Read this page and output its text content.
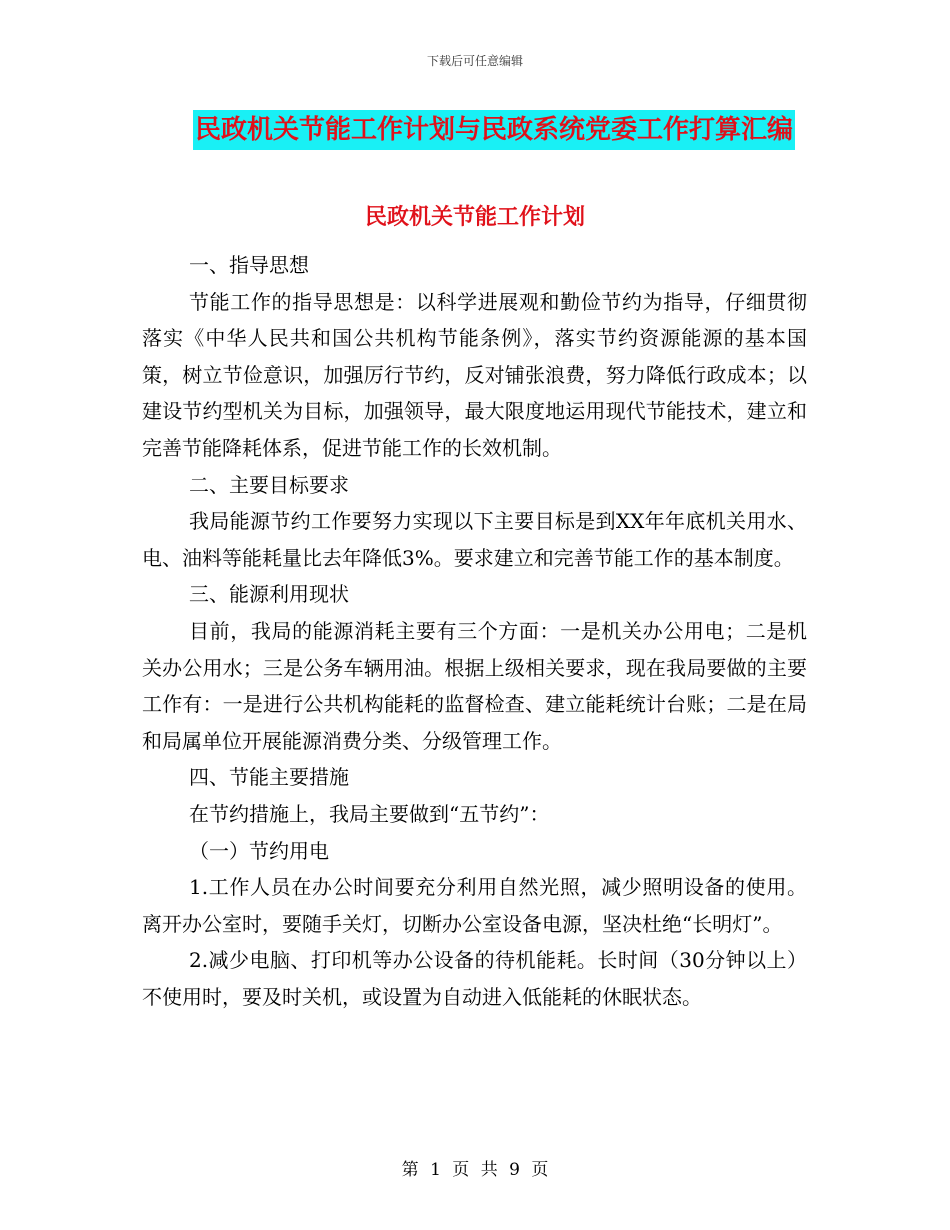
下载后可任意编辑
民政机关节能工作计划与民政系统党委工作打算汇编
民政机关节能工作计划

一、指导思想

节能工作的指导思想是：以科学进展观和勤俭节约为指导，仔细贯彻落实《中华人民共和国公共机构节能条例》，落实节约资源能源的基本国策，树立节俭意识，加强厉行节约，反对铺张浪费，努力降低行政成本；以建设节约型机关为目标，加强领导，最大限度地运用现代节能技术，建立和完善节能降耗体系，促进节能工作的长效机制。

二、主要目标要求

我局能源节约工作要努力实现以下主要目标是到XX年年底机关用水、电、油料等能耗量比去年降低3%。要求建立和完善节能工作的基本制度。

三、能源利用现状

目前，我局的能源消耗主要有三个方面：一是机关办公用电；二是机关办公用水；三是公务车辆用油。根据上级相关要求，现在我局要做的主要工作有：一是进行公共机构能耗的监督检查、建立能耗统计台账；二是在局和局属单位开展能源消费分类、分级管理工作。

四、节能主要措施

在节约措施上，我局主要做到“五节约”：

（一）节约用电

1.工作人员在办公时间要充分利用自然光照，减少照明设备的使用。离开办公室时，要随手关灯，切断办公室设备电源，坚决杜绝“长明灯”。

2.减少电脑、打印机等办公设备的待机能耗。长时间（30分钟以上）不使用时，要及时关机，或设置为自动进入低能耗的休眠状态。

第 1 页 共 9 页
